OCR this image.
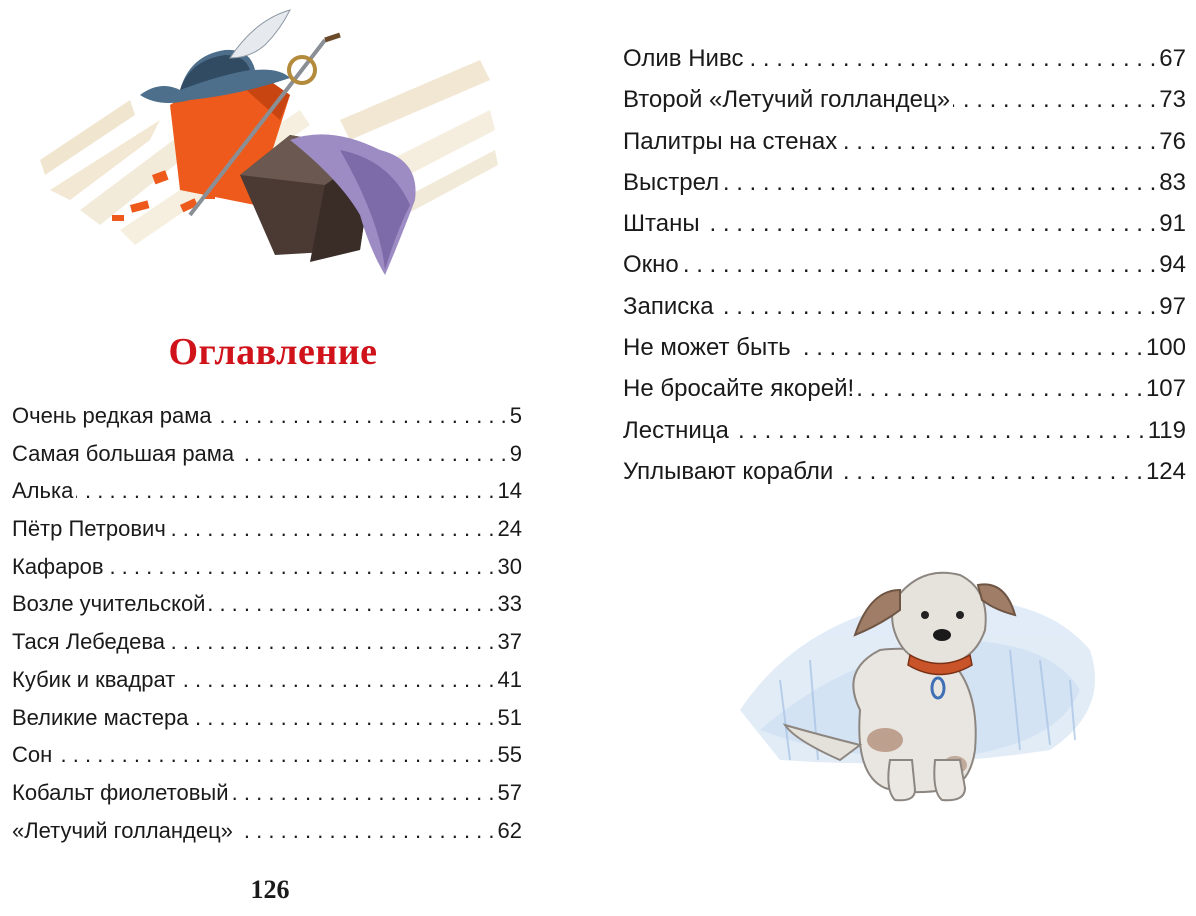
Оглавление
Очень редкая рама . . .	5
Самая большая рама . . .	9
Алька . . .	14
Пётр Петрович . . .	24
Кафаров . . .	30
Возле учительской . . .	33
Тася Лебедева . . .	37
Кубик и квадрат . . .	41
Великие мастера . . .	51
Сон . . .	55
Кобальт фиолетовый . . .	57
«Летучий голландец» . . .	62
Олив Нивс . . .	67
Второй «Летучий голландец» . . .	73
Палитры на стенах . . .	76
Выстрел . . .	83
Штаны . . .	91
Окно . . .	94
Записка . . .	97
Не может быть . . .	100
Не бросайте якорей! . . .	107
Лестница . . .	119
Уплывают корабли . . .	124
126
